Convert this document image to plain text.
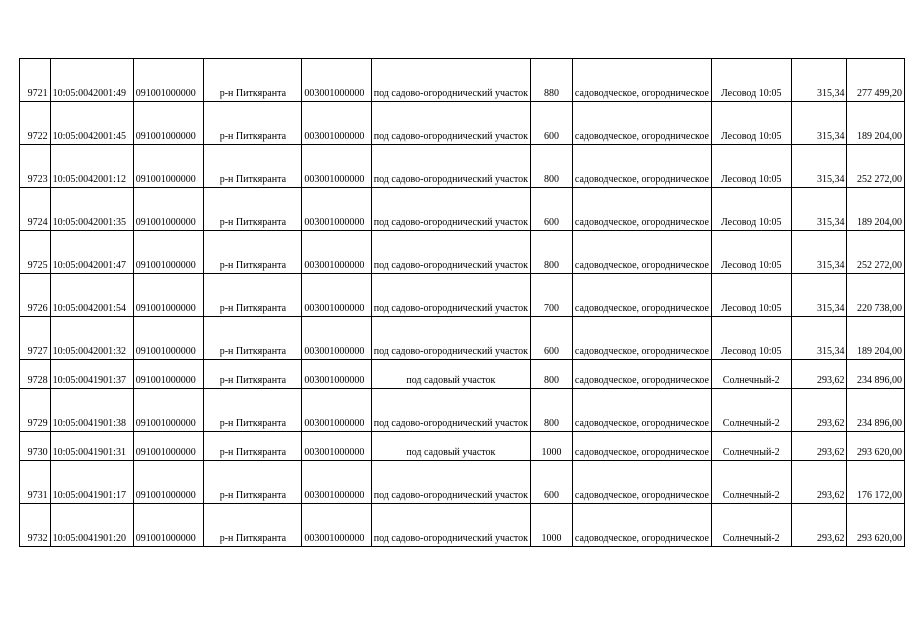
9721	10:05:0042001:49	091001000000	р-н Питкяранта	003001000000	под садово-огороднический участок	880	садоводческое, огородническое	Лесовод 10:05	315,34	277 499,20
9722	10:05:0042001:45	091001000000	р-н Питкяранта	003001000000	под садово-огороднический участок	600	садоводческое, огородническое	Лесовод 10:05	315,34	189 204,00
9723	10:05:0042001:12	091001000000	р-н Питкяранта	003001000000	под садово-огороднический участок	800	садоводческое, огородническое	Лесовод 10:05	315,34	252 272,00
9724	10:05:0042001:35	091001000000	р-н Питкяранта	003001000000	под садово-огороднический участок	600	садоводческое, огородническое	Лесовод 10:05	315,34	189 204,00
9725	10:05:0042001:47	091001000000	р-н Питкяранта	003001000000	под садово-огороднический участок	800	садоводческое, огородническое	Лесовод 10:05	315,34	252 272,00
9726	10:05:0042001:54	091001000000	р-н Питкяранта	003001000000	под садово-огороднический участок	700	садоводческое, огородническое	Лесовод 10:05	315,34	220 738,00
9727	10:05:0042001:32	091001000000	р-н Питкяранта	003001000000	под садово-огороднический участок	600	садоводческое, огородническое	Лесовод 10:05	315,34	189 204,00
9728	10:05:0041901:37	091001000000	р-н Питкяранта	003001000000	под садовый участок	800	садоводческое, огородническое	Солнечный-2	293,62	234 896,00
9729	10:05:0041901:38	091001000000	р-н Питкяранта	003001000000	под садово-огороднический участок	800	садоводческое, огородническое	Солнечный-2	293,62	234 896,00
9730	10:05:0041901:31	091001000000	р-н Питкяранта	003001000000	под садовый участок	1000	садоводческое, огородническое	Солнечный-2	293,62	293 620,00
9731	10:05:0041901:17	091001000000	р-н Питкяранта	003001000000	под садово-огороднический участок	600	садоводческое, огородническое	Солнечный-2	293,62	176 172,00
9732	10:05:0041901:20	091001000000	р-н Питкяранта	003001000000	под садово-огороднический участок	1000	садоводческое, огородническое	Солнечный-2	293,62	293 620,00
